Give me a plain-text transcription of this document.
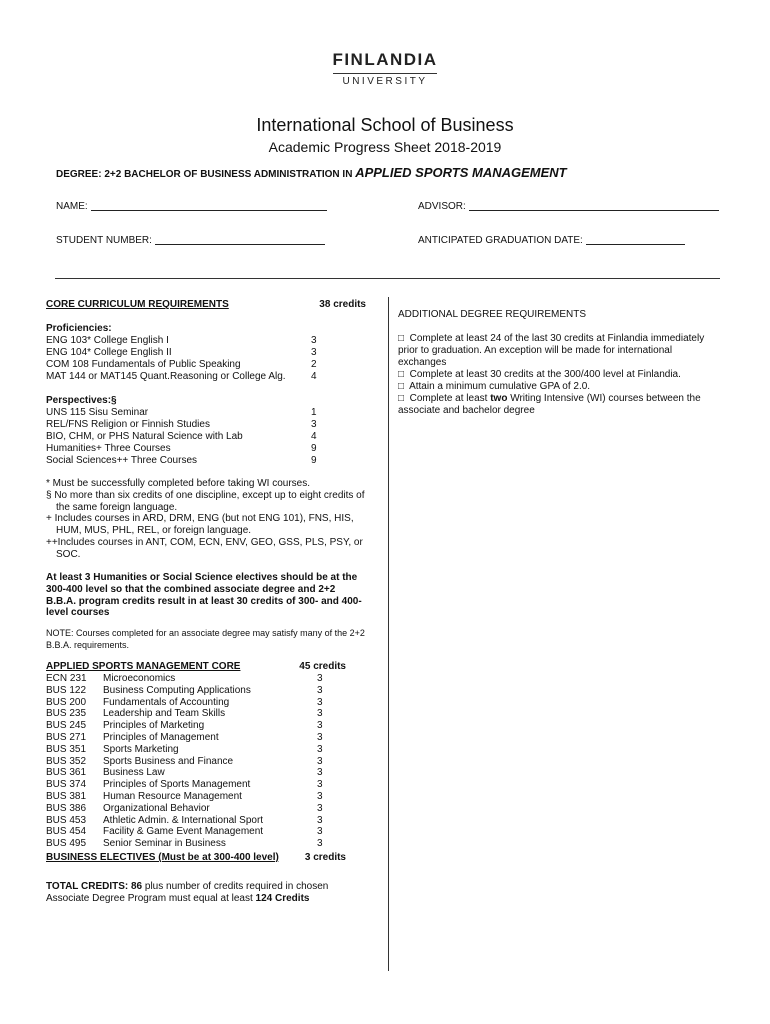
FINLANDIA
UNIVERSITY
International School of Business
Academic Progress Sheet 2018-2019
DEGREE: 2+2 BACHELOR OF BUSINESS ADMINISTRATION IN APPLIED SPORTS MANAGEMENT
NAME:	ADVISOR:
STUDENT NUMBER:	ANTICIPATED GRADUATION DATE:
CORE CURRICULUM REQUIREMENTS	38 credits
Proficiencies:
ENG 103* College English I	3
ENG 104* College English II	3
COM 108 Fundamentals of Public Speaking	2
MAT 144 or MAT145 Quant.Reasoning or College Alg.	4
Perspectives:§
UNS 115 Sisu Seminar	1
REL/FNS Religion or Finnish Studies	3
BIO, CHM, or PHS Natural Science with Lab	4
Humanities+ Three Courses	9
Social Sciences++ Three Courses	9
* Must be successfully completed before taking WI courses.
§ No more than six credits of one discipline, except up to eight credits of the same foreign language.
+ Includes courses in ARD, DRM, ENG (but not ENG 101), FNS, HIS, HUM, MUS, PHL, REL, or foreign language.
++Includes courses in ANT, COM, ECN, ENV, GEO, GSS, PLS, PSY, or SOC.
At least 3 Humanities or Social Science electives should be at the 300-400 level so that the combined associate degree and 2+2 B.B.A. program credits result in at least 30 credits of 300- and 400-level courses
NOTE: Courses completed for an associate degree may satisfy many of the 2+2 B.B.A. requirements.
APPLIED SPORTS MANAGEMENT CORE	45 credits
ECN 231 Microeconomics	3
BUS 122 Business Computing Applications	3
BUS 200 Fundamentals of Accounting	3
BUS 235 Leadership and Team Skills	3
BUS 245 Principles of Marketing	3
BUS 271 Principles of Management	3
BUS 351 Sports Marketing	3
BUS 352 Sports Business and Finance	3
BUS 361 Business Law	3
BUS 374 Principles of Sports Management	3
BUS 381 Human Resource Management	3
BUS 386 Organizational Behavior	3
BUS 453 Athletic Admin. & International Sport	3
BUS 454 Facility & Game Event Management	3
BUS 495 Senior Seminar in Business	3
BUSINESS ELECTIVES (Must be at 300-400 level)	3 credits
TOTAL CREDITS: 86 plus number of credits required in chosen Associate Degree Program must equal at least 124 Credits
ADDITIONAL DEGREE REQUIREMENTS
□ Complete at least 24 of the last 30 credits at Finlandia immediately prior to graduation. An exception will be made for international exchanges
□ Complete at least 30 credits at the 300/400 level at Finlandia.
□ Attain a minimum cumulative GPA of 2.0.
□ Complete at least two Writing Intensive (WI) courses between the associate and bachelor degree
